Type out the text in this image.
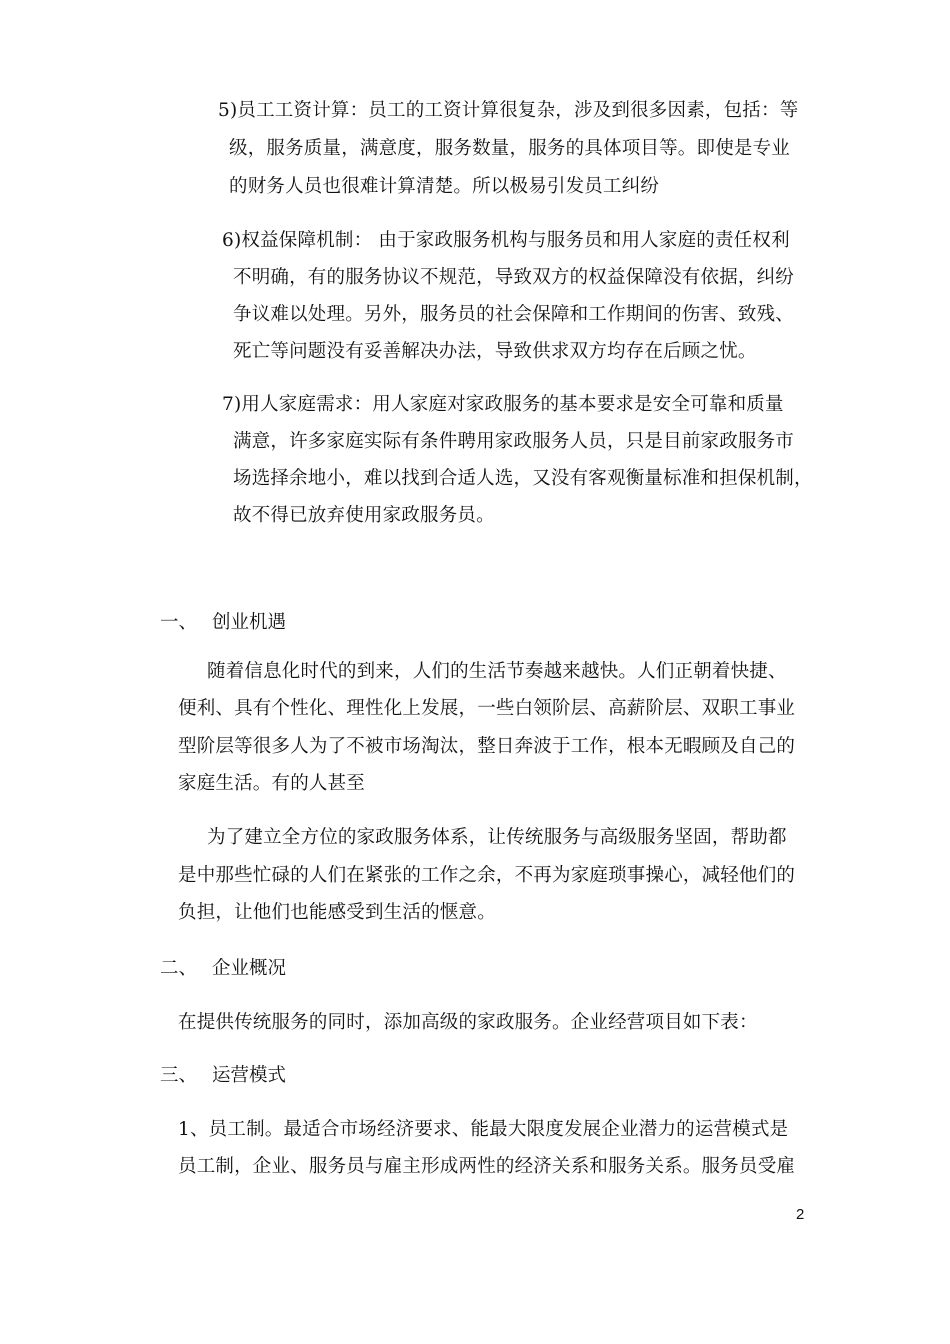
5)员工工资计算：员工的工资计算很复杂，涉及到很多因素，包括：等
级，服务质量，满意度，服务数量，服务的具体项目等。即使是专业
的财务人员也很难计算清楚。所以极易引发员工纠纷
6)权益保障机制： 由于家政服务机构与服务员和用人家庭的责任权利
不明确，有的服务协议不规范，导致双方的权益保障没有依据，纠纷
争议难以处理。另外，服务员的社会保障和工作期间的伤害、致残、
死亡等问题没有妥善解决办法，导致供求双方均存在后顾之忧。
7)用人家庭需求：用人家庭对家政服务的基本要求是安全可靠和质量
满意，许多家庭实际有条件聘用家政服务人员，只是目前家政服务市
场选择余地小，难以找到合适人选，又没有客观衡量标准和担保机制，
故不得已放弃使用家政服务员。
一、 创业机遇
随着信息化时代的到来，人们的生活节奏越来越快。人们正朝着快捷、
便利、具有个性化、理性化上发展，一些白领阶层、高薪阶层、双职工事业
型阶层等很多人为了不被市场淘汰，整日奔波于工作，根本无暇顾及自己的
家庭生活。有的人甚至
为了建立全方位的家政服务体系，让传统服务与高级服务坚固，帮助都
是中那些忙碌的人们在紧张的工作之余，不再为家庭琐事操心，减轻他们的
负担，让他们也能感受到生活的惬意。
二、 企业概况
在提供传统服务的同时，添加高级的家政服务。企业经营项目如下表：
三、 运营模式
1、员工制。最适合市场经济要求、能最大限度发展企业潜力的运营模式是
员工制，企业、服务员与雇主形成两性的经济关系和服务关系。服务员受雇
2
